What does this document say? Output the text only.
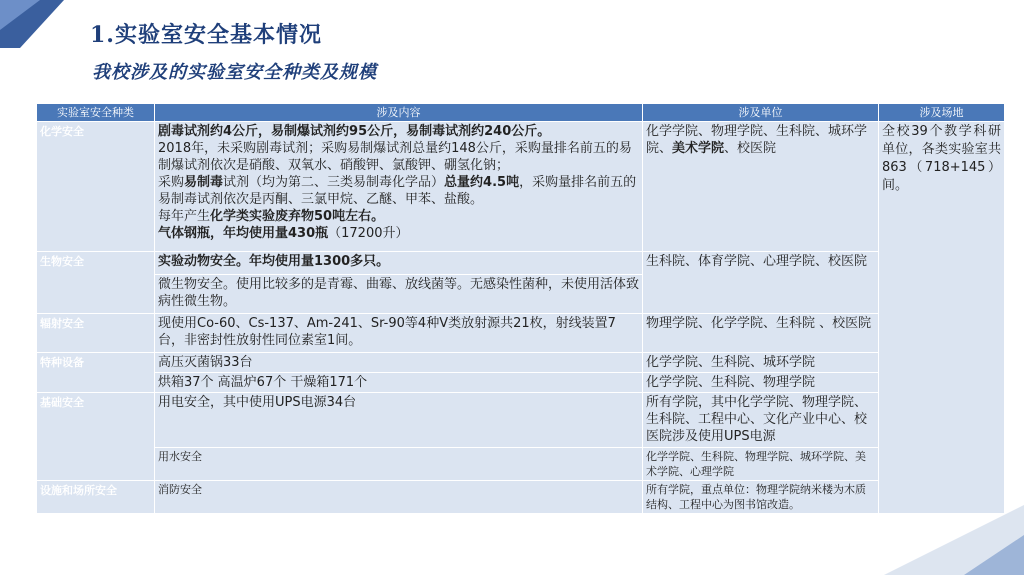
1.实验室安全基本情况
我校涉及的实验室安全种类及规模
实验室安全种类	涉及内容	涉及单位	涉及场地
化学安全	剧毒试剂约4公斤，易制爆试剂约95公斤，易制毒试剂约240公斤。
2018年，未采购剧毒试剂；采购易制爆试剂总量约148公斤，采购量排名前五的易制爆试剂依次是硝酸、双氧水、硝酸钾、氯酸钾、硼氢化钠；
采购易制毒试剂（均为第二、三类易制毒化学品）总量约4.5吨，采购量排名前五的易制毒试剂依次是丙酮、三氯甲烷、乙醚、甲苯、盐酸。
每年产生化学类实验废弃物50吨左右。
气体钢瓶，年均使用量430瓶（17200升）	化学学院、物理学院、生科院、城环学院、美术学院、校医院	全校39个教学科研单位，各类实验室共863（718+145）间。
生物安全	实验动物安全。年均使用量1300多只。	生科院、体育学院、心理学院、校医院	
	微生物安全。使用比较多的是青霉、曲霉、放线菌等。无感染性菌种，未使用活体致病性微生物。		
辐射安全	现使用Co-60、Cs-137、Am-241、Sr-90等4种V类放射源共21枚，射线装置7台，非密封性放射性同位素室1间。	物理学院、化学学院、生科院 、校医院	
特种设备	高压灭菌锅33台	化学学院、生科院、城环学院	
	烘箱37个 高温炉67个 干燥箱171个	化学学院、生科院、物理学院	
基础安全	用电安全，其中使用UPS电源34台	所有学院，其中化学学院、物理学院、生科院、工程中心、文化产业中心、校医院涉及使用UPS电源	
	用水安全	化学学院、生科院、物理学院、城环学院、美术学院、心理学院	
设施和场所安全	消防安全	所有学院，重点单位：物理学院纳米楼为木质结构、工程中心为图书馆改造。	
